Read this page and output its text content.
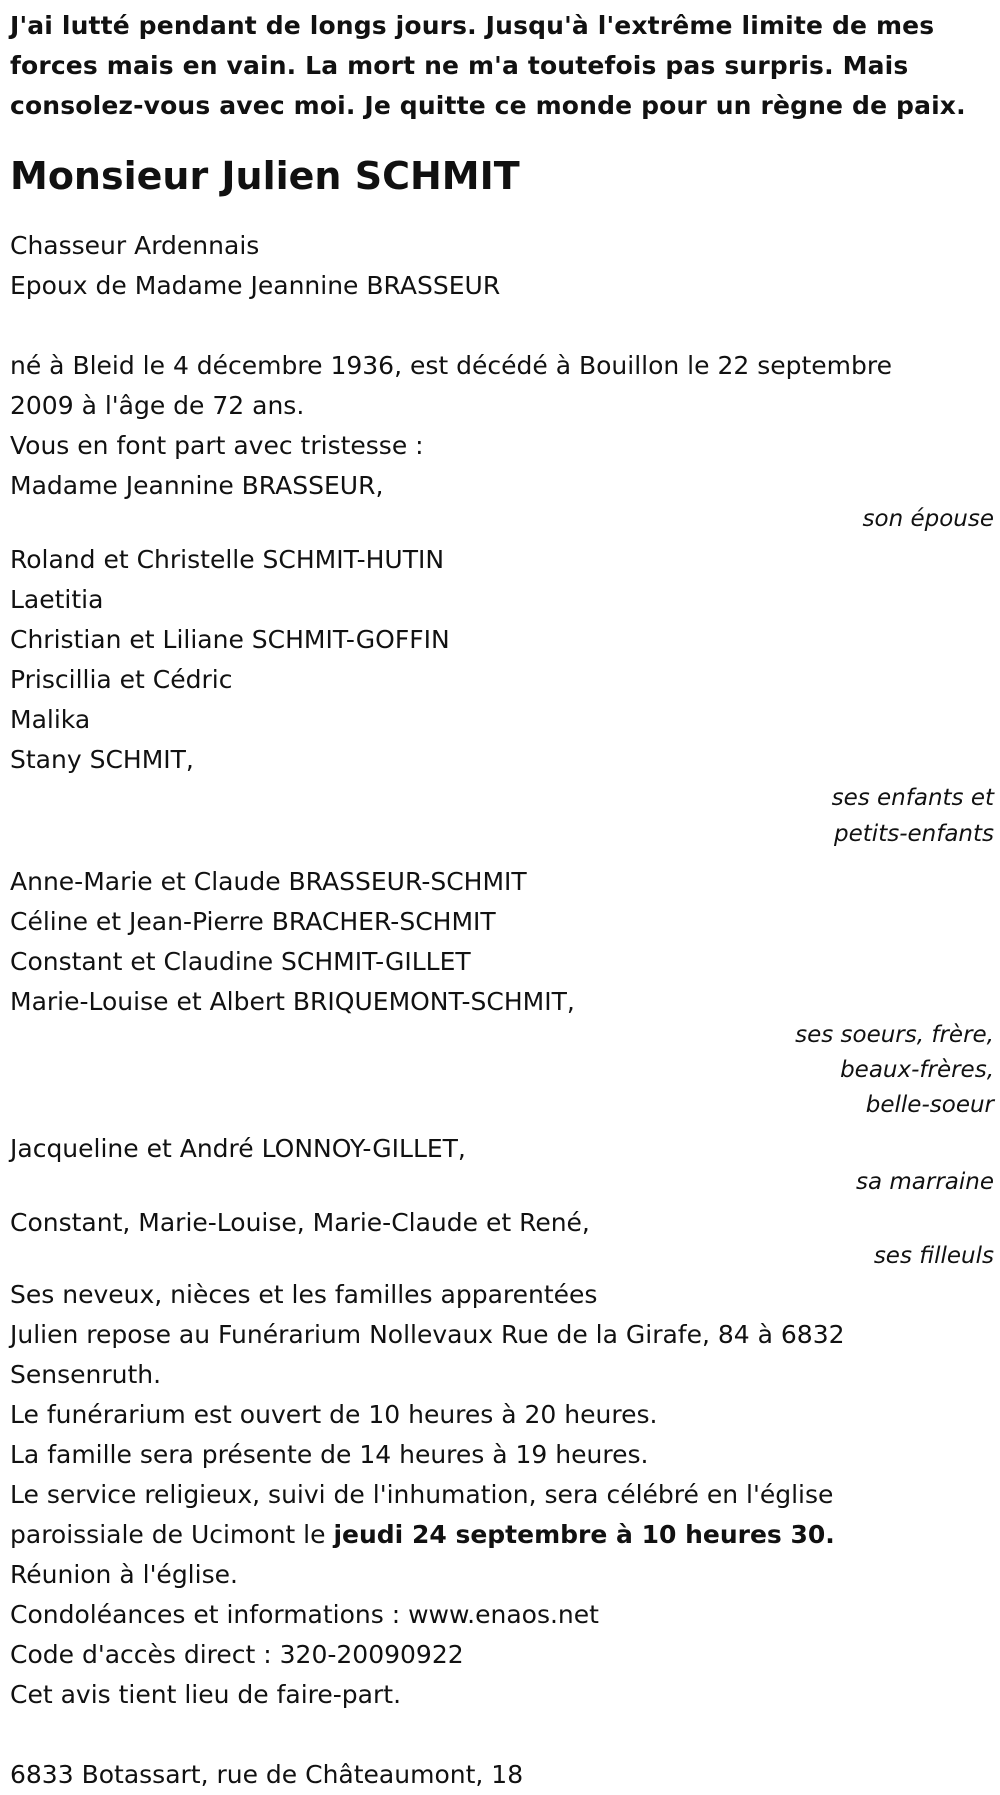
J'ai lutté pendant de longs jours. Jusqu'à l'extrême limite de mes forces mais en vain. La mort ne m'a toutefois pas surpris. Mais consolez-vous avec moi. Je quitte ce monde pour un règne de paix.

Monsieur Julien SCHMIT
Chasseur Ardennais
Epoux de Madame Jeannine BRASSEUR
né à Bleid le 4 décembre 1936, est décédé à Bouillon le 22 septembre 2009 à l'âge de 72 ans.
Vous en font part avec tristesse :
Madame Jeannine BRASSEUR,
son épouse
Roland et Christelle SCHMIT-HUTIN
Laetitia
Christian et Liliane SCHMIT-GOFFIN
Priscillia et Cédric
Malika
Stany SCHMIT,
ses enfants et
petits-enfants
Anne-Marie et Claude BRASSEUR-SCHMIT
Céline et Jean-Pierre BRACHER-SCHMIT
Constant et Claudine SCHMIT-GILLET
Marie-Louise et Albert BRIQUEMONT-SCHMIT,
ses soeurs, frère,
beaux-frères,
belle-soeur
Jacqueline et André LONNOY-GILLET,
sa marraine
Constant, Marie-Louise, Marie-Claude et René,
ses filleuls
Ses neveux, nièces et les familles apparentées
Julien repose au Funérarium Nollevaux Rue de la Girafe, 84 à 6832 Sensenruth.
Le funérarium est ouvert de 10 heures à 20 heures.
La famille sera présente de 14 heures à 19 heures.
Le service religieux, suivi de l'inhumation, sera célébré en l'église paroissiale de Ucimont le jeudi 24 septembre à 10 heures 30.
Réunion à l'église.
Condoléances et informations : www.enaos.net
Code d'accès direct : 320-20090922
Cet avis tient lieu de faire-part.
6833 Botassart, rue de Châteaumont, 18
